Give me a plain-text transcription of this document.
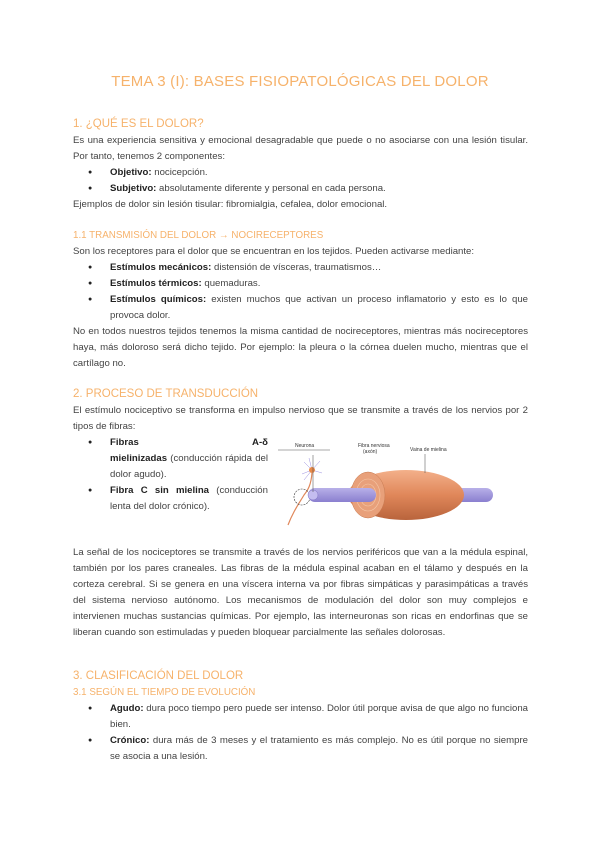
TEMA 3 (I): BASES FISIOPATOLÓGICAS DEL DOLOR
1. ¿QUÉ ES EL DOLOR?

Es una experiencia sensitiva y emocional desagradable que puede o no asociarse con una lesión tisular. Por tanto, tenemos 2 componentes:

● Objetivo: nocicepción.
● Subjetivo: absolutamente diferente y personal en cada persona.

Ejemplos de dolor sin lesión tisular: fibromialgia, cefalea, dolor emocional.

1.1 TRANSMISIÓN DEL DOLOR → NOCIRECEPTORES

Son los receptores para el dolor que se encuentran en los tejidos. Pueden activarse mediante:

● Estímulos mecánicos: distensión de vísceras, traumatismos…
● Estímulos térmicos: quemaduras.
● Estímulos químicos: existen muchos que activan un proceso inflamatorio y esto es lo que provoca dolor.

No en todos nuestros tejidos tenemos la misma cantidad de nocireceptores, mientras más nocireceptores haya, más doloroso será dicho tejido. Por ejemplo: la pleura o la córnea duelen mucho, mientras que el cartílago no.

2. PROCESO DE TRANSDUCCIÓN

El estímulo nociceptivo se transforma en impulso nervioso que se transmite a través de los nervios por 2 tipos de fibras:

● Fibras A-δ mielinizadas (conducción rápida del dolor agudo).
● Fibra C sin mielina (conducción lenta del dolor crónico).
Neurona	Fibra nerviosa
(axón)	Vaina de mielina

La señal de los nociceptores se transmite a través de los nervios periféricos que van a la médula espinal, también por los pares craneales. Las fibras de la médula espinal acaban en el tálamo y después en la corteza cerebral. Si se genera en una víscera interna va por fibras simpáticas y parasimpáticas a través del sistema nervioso autónomo. Los mecanismos de modulación del dolor son muy complejos e intervienen muchas sustancias químicas. Por ejemplo, las interneuronas son ricas en endorfinas que se liberan cuando son estimuladas y pueden bloquear parcialmente las señales dolorosas.

3. CLASIFICACIÓN DEL DOLOR
3.1 SEGÚN EL TIEMPO DE EVOLUCIÓN
● Agudo: dura poco tiempo pero puede ser intenso. Dolor útil porque avisa de que algo no funciona bien.
● Crónico: dura más de 3 meses y el tratamiento es más complejo. No es útil porque no siempre se asocia a una lesión.
